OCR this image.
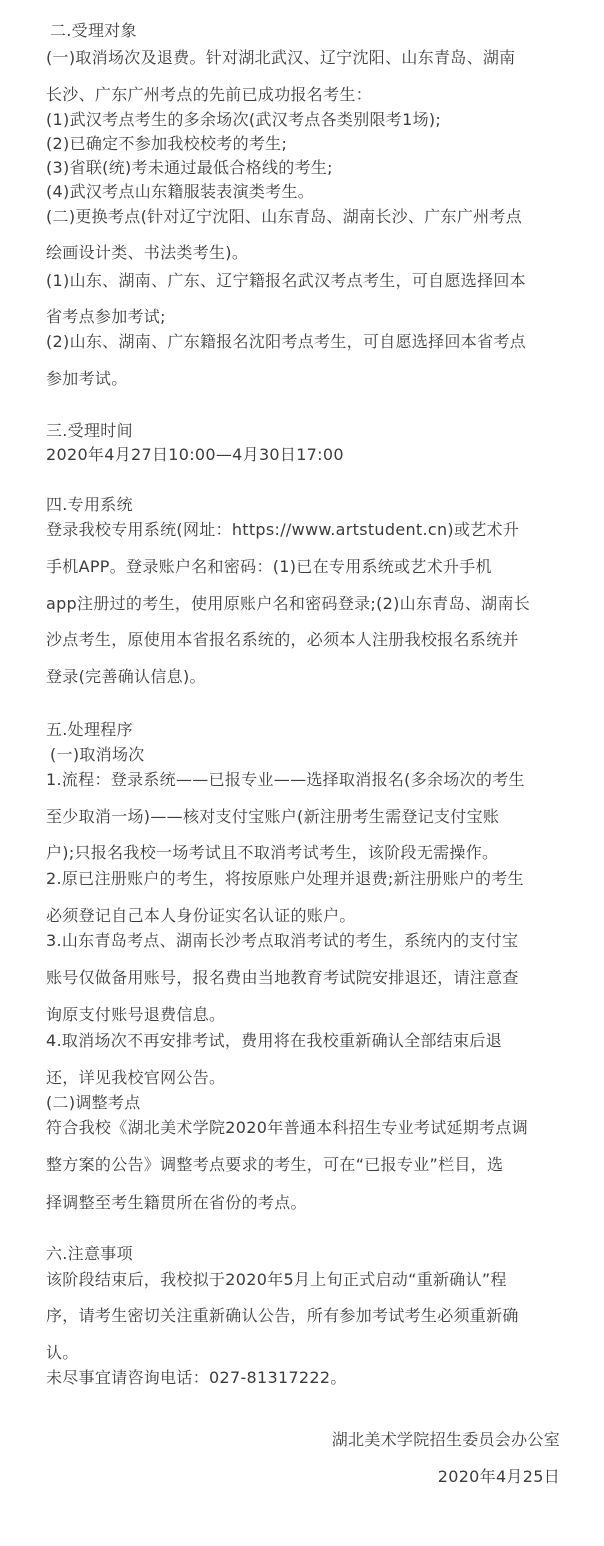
二.受理对象
(一)取消场次及退费。针对湖北武汉、辽宁沈阳、山东青岛、湖南
长沙、广东广州考点的先前已成功报名考生：
(1)武汉考点考生的多余场次(武汉考点各类别限考1场);
(2)已确定不参加我校校考的考生;
(3)省联(统)考未通过最低合格线的考生;
(4)武汉考点山东籍服装表演类考生。
(二)更换考点(针对辽宁沈阳、山东青岛、湖南长沙、广东广州考点
绘画设计类、书法类考生)。
(1)山东、湖南、广东、辽宁籍报名武汉考点考生，可自愿选择回本
省考点参加考试;
(2)山东、湖南、广东籍报名沈阳考点考生，可自愿选择回本省考点
参加考试。
三.受理时间
2020年4月27日10:00—4月30日17:00
四.专用系统
登录我校专用系统(网址：https://www.artstudent.cn)或艺术升
手机APP。登录账户名和密码：(1)已在专用系统或艺术升手机
app注册过的考生，使用原账户名和密码登录;(2)山东青岛、湖南长
沙点考生，原使用本省报名系统的，必须本人注册我校报名系统并
登录(完善确认信息)。
五.处理程序
(一)取消场次
1.流程：登录系统——已报专业——选择取消报名(多余场次的考生
至少取消一场)——核对支付宝账户(新注册考生需登记支付宝账
户);只报名我校一场考试且不取消考试考生，该阶段无需操作。
2.原已注册账户的考生，将按原账户处理并退费;新注册账户的考生
必须登记自己本人身份证实名认证的账户。
3.山东青岛考点、湖南长沙考点取消考试的考生，系统内的支付宝
账号仅做备用账号，报名费由当地教育考试院安排退还，请注意查
询原支付账号退费信息。
4.取消场次不再安排考试，费用将在我校重新确认全部结束后退
还，详见我校官网公告。
(二)调整考点
符合我校《湖北美术学院2020年普通本科招生专业考试延期考点调
整方案的公告》调整考点要求的考生，可在“已报专业”栏目，选
择调整至考生籍贯所在省份的考点。
六.注意事项
该阶段结束后，我校拟于2020年5月上旬正式启动“重新确认”程
序，请考生密切关注重新确认公告，所有参加考试考生必须重新确
认。
未尽事宜请咨询电话：027-81317222。
湖北美术学院招生委员会办公室
2020年4月25日
